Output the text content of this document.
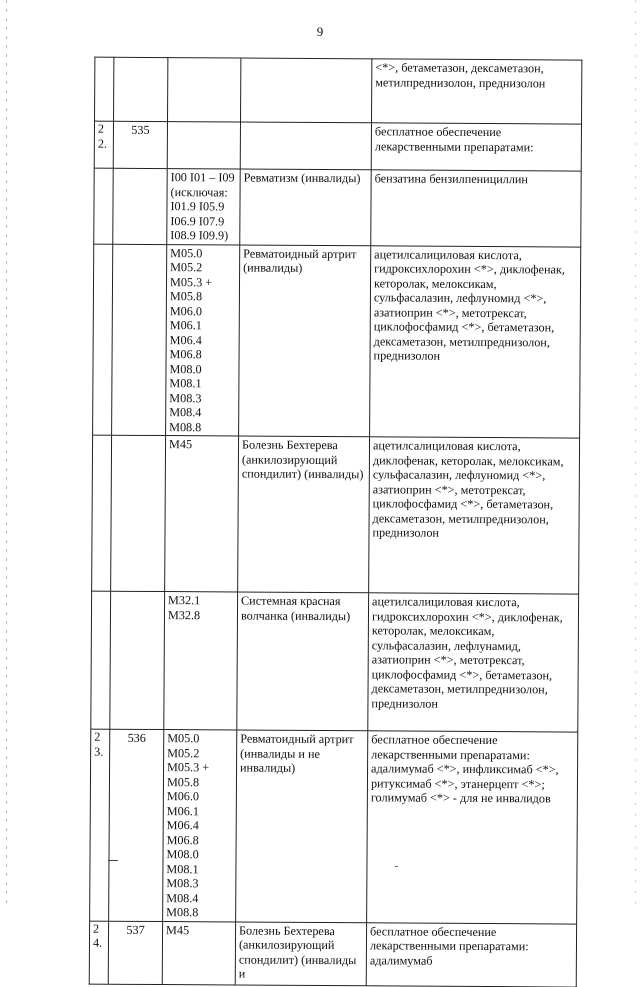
9
				<*>, бетаметазон, дексаметазон, метилпреднизолон, преднизолон
22.	535			бесплатное обеспечение лекарственными препаратами:
		I00 I01 – I09 (исключая: I01.9 I05.9 I06.9 I07.9 I08.9 I09.9)	Ревматизм (инвалиды)	бензатина бензилпенициллин
		M05.0 M05.2 M05.3 + M05.8 M06.0 M06.1 M06.4 M06.8 M08.0 M08.1 M08.3 M08.4 M08.8	Ревматоидный артрит (инвалиды)	ацетилсалициловая кислота, гидроксихлорохин <*>, диклофенак, кеторолак, мелоксикам, сульфасалазин, лефлуномид <*>, азатиоприн <*>, метотрексат, циклофосфамид <*>, бетаметазон, дексаметазон, метилпреднизолон, преднизолон
		M45	Болезнь Бехтерева (анкилозирующий спондилит) (инвалиды)	ацетилсалициловая кислота, диклофенак, кеторолак, мелоксикам, сульфасалазин, лефлуномид <*>, азатиоприн <*>, метотрексат, циклофосфамид <*>, бетаметазон, дексаметазон, метилпреднизолон, преднизолон
		M32.1 M32.8	Системная красная волчанка (инвалиды)	ацетилсалициловая кислота, гидроксихлорохин <*>, диклофенак, кеторолак, мелоксикам, сульфасалазин, лефлунамид, азатиоприн <*>, метотрексат, циклофосфамид <*>, бетаметазон, дексаметазон, метилпреднизолон, преднизолон
23.	536	M05.0 M05.2 M05.3 + M05.8 M06.0 M06.1 M06.4 M06.8 M08.0 M08.1 M08.3 M08.4 M08.8	Ревматоидный артрит (инвалиды и не инвалиды)	бесплатное обеспечение лекарственными препаратами: адалимумаб <*>, инфликсимаб <*>, ритуксимаб <*>, этанерцепт <*>; голимумаб <*> - для не инвалидов
24.	537	M45	Болезнь Бехтерева (анкилозирующий спондилит) (инвалиды и	бесплатное обеспечение лекарственными препаратами: адалимумаб
